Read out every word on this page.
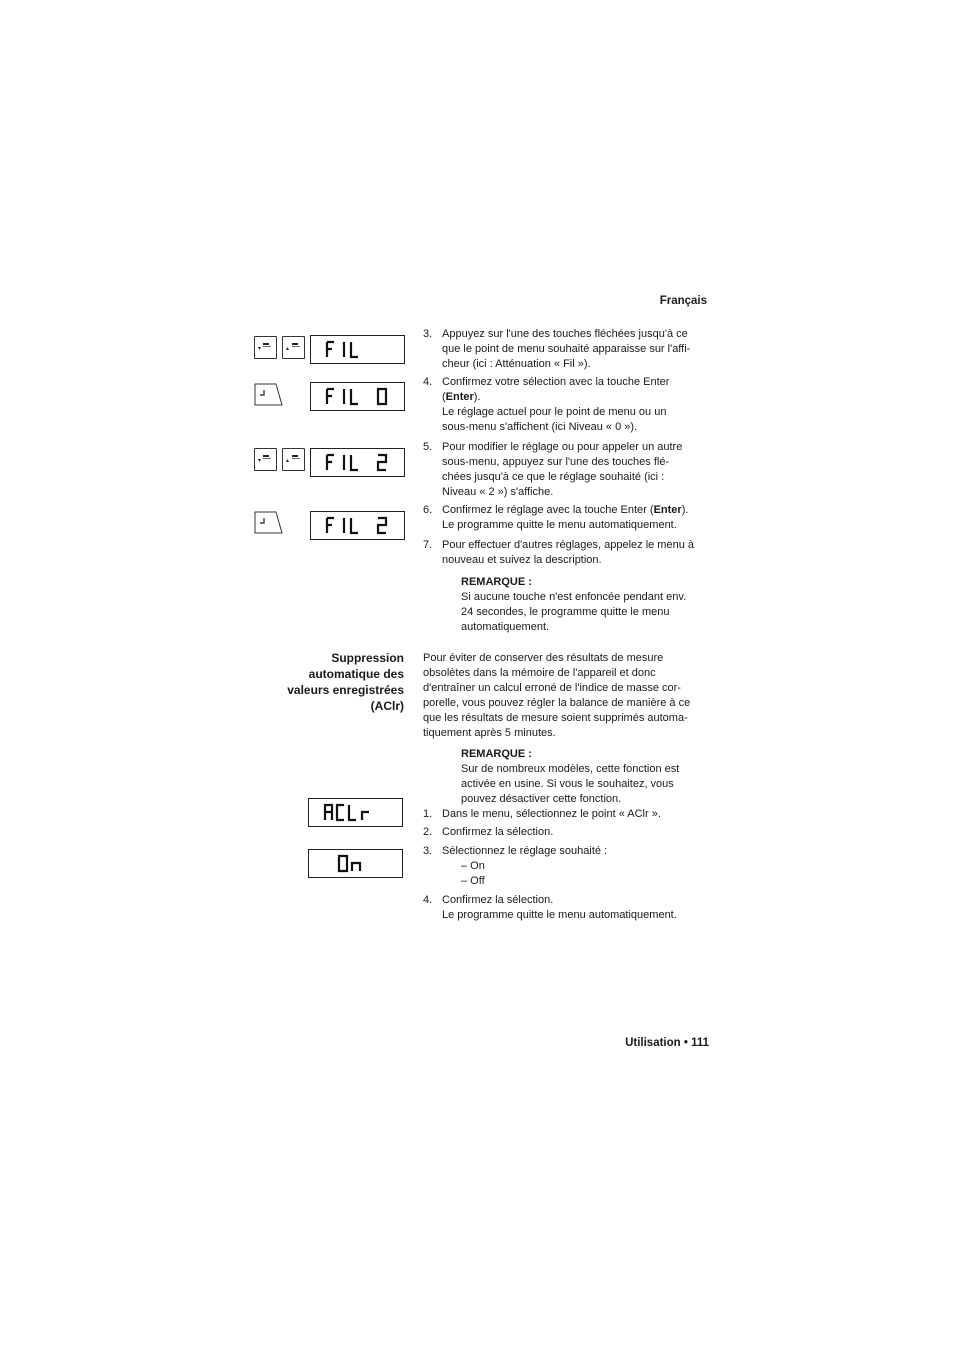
Français
Utilisation • 111
3. Appuyez sur l'une des touches fléchées jusqu'à ce
que le point de menu souhaité apparaisse sur l'affi-
cheur (ici : Atténuation « Fil »).
4. Confirmez votre sélection avec la touche Enter
(Enter).
Le réglage actuel pour le point de menu ou un
sous-menu s'affichent (ici Niveau « 0 »).
5. Pour modifier le réglage ou pour appeler un autre
sous-menu, appuyez sur l'une des touches flé-
chées jusqu'à ce que le réglage souhaité (ici :
Niveau « 2 ») s'affiche.
6. Confirmez le réglage avec la touche Enter (Enter).
Le programme quitte le menu automatiquement.
7. Pour effectuer d'autres réglages, appelez le menu à
nouveau et suivez la description.
REMARQUE :
Si aucune touche n'est enfoncée pendant env.
24 secondes, le programme quitte le menu
automatiquement.
Suppression
automatique des
valeurs enregistrées
(AClr)
Pour éviter de conserver des résultats de mesure
obsolètes dans la mémoire de l'appareil et donc
d'entraîner un calcul erroné de l'indice de masse cor-
porelle, vous pouvez régler la balance de manière à ce
que les résultats de mesure soient supprimés automa-
tiquement après 5 minutes.
REMARQUE :
Sur de nombreux modèles, cette fonction est
activée en usine. Si vous le souhaitez, vous
pouvez désactiver cette fonction.
1. Dans le menu, sélectionnez le point « AClr ».
2. Confirmez la sélection.
3. Sélectionnez le réglage souhaité :
– On
– Off
4. Confirmez la sélection.
Le programme quitte le menu automatiquement.
